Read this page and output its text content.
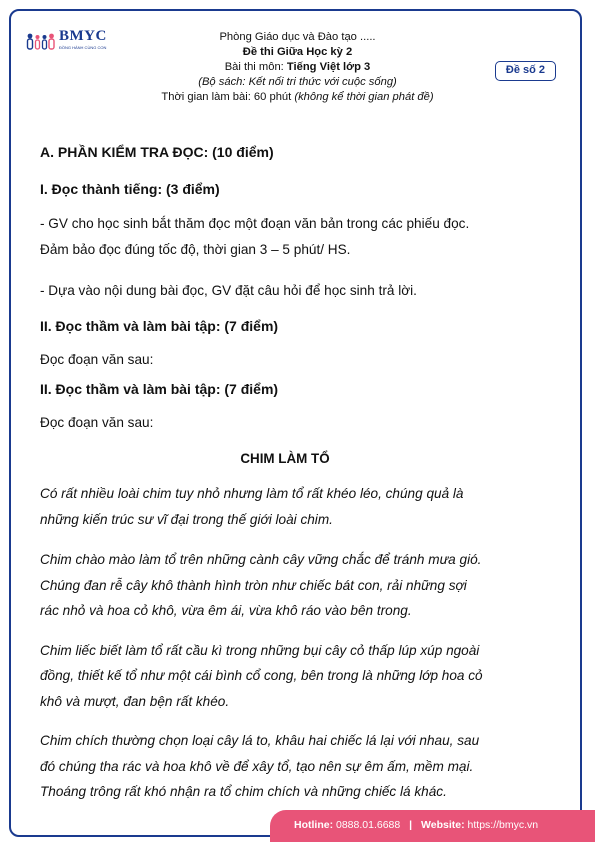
BMYC
ĐỒNG HÀNH CÙNG CON
Phòng Giáo dục và Đào tạo .....
Đề thi Giữa Học kỳ 2
Bài thi môn: Tiếng Việt lớp 3
(Bộ sách: Kết nối tri thức với cuộc sống)
Thời gian làm bài: 60 phút (không kể thời gian phát đề)
Đề số 2
A. PHẦN KIỂM TRA ĐỌC: (10 điểm)
I. Đọc thành tiếng: (3 điểm)
- GV cho học sinh bắt thăm đọc một đoạn văn bản trong các phiếu đọc.
Đảm bảo đọc đúng tốc độ, thời gian 3 – 5 phút/ HS.
- Dựa vào nội dung bài đọc, GV đặt câu hỏi để học sinh trả lời.
II. Đọc thầm và làm bài tập: (7 điểm)
Đọc đoạn văn sau:
II. Đọc thầm và làm bài tập: (7 điểm)
Đọc đoạn văn sau:
CHIM LÀM TỔ
Có rất nhiều loài chim tuy nhỏ nhưng làm tổ rất khéo léo, chúng quả là
những kiến trúc sư vĩ đại trong thế giới loài chim.
Chim chào mào làm tổ trên những cành cây vững chắc để tránh mưa gió.
Chúng đan rễ cây khô thành hình tròn như chiếc bát con, rải những sợi
rác nhỏ và hoa cỏ khô, vừa êm ái, vừa khô ráo vào bên trong.
Chim liếc biết làm tổ rất cầu kì trong những bụi cây cỏ thấp lúp xúp ngoài
đồng, thiết kế tổ như một cái bình cổ cong, bên trong là những lớp hoa cỏ
khô và mượt, đan bện rất khéo.
Chim chích thường chọn loại cây lá to, khâu hai chiếc lá lại với nhau, sau
đó chúng tha rác và hoa khô về để xây tổ, tạo nên sự êm ấm, mềm mại.
Thoáng trông rất khó nhận ra tổ chim chích và những chiếc lá khác.
Hotline: 0888.01.6688 | Website: https://bmyc.vn
